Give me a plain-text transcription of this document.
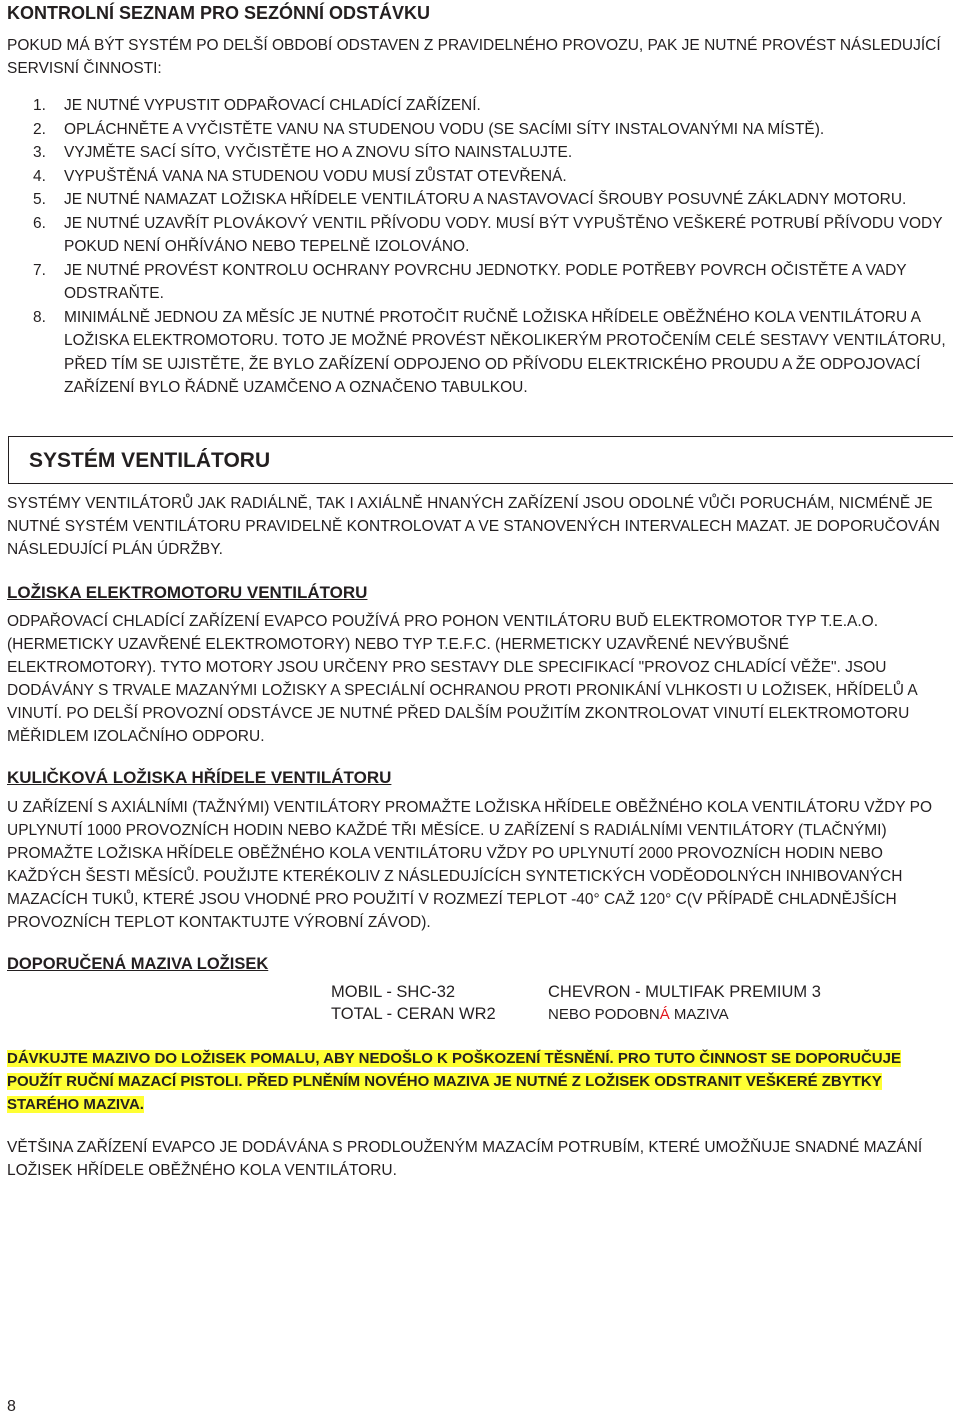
KONTROLNÍ SEZNAM PRO SEZÓNNÍ ODSTÁVKU

POKUD MÁ BÝT SYSTÉM PO DELŠÍ OBDOBÍ ODSTAVEN Z PRAVIDELNÉHO PROVOZU, PAK JE NUTNÉ PROVÉST NÁSLEDUJÍCÍ SERVISNÍ ČINNOSTI:

1.	JE NUTNÉ VYPUSTIT ODPAŘOVACÍ CHLADÍCÍ ZAŘÍZENÍ.
2.	OPLÁCHNĚTE A VYČISTĚTE VANU NA STUDENOU VODU (SE SACÍMI SÍTY INSTALOVANÝMI NA MÍSTĚ).
3.	VYJMĚTE SACÍ SÍTO, VYČISTĚTE HO A ZNOVU SÍTO NAINSTALUJTE.
4.	VYPUŠTĚNÁ VANA NA STUDENOU VODU MUSÍ ZŮSTAT OTEVŘENÁ.
5.	JE NUTNÉ NAMAZAT LOŽISKA HŘÍDELE VENTILÁTORU A NASTAVOVACÍ ŠROUBY POSUVNÉ ZÁKLADNY MOTORU.
6.	JE NUTNÉ UZAVŘÍT PLOVÁKOVÝ VENTIL PŘÍVODU VODY. MUSÍ BÝT VYPUŠTĚNO VEŠKERÉ POTRUBÍ PŘÍVODU VODY POKUD NENÍ OHŘÍVÁNO NEBO TEPELNĚ IZOLOVÁNO.
7.	JE NUTNÉ PROVÉST KONTROLU OCHRANY POVRCHU JEDNOTKY. PODLE POTŘEBY POVRCH OČISTĚTE A VADY ODSTRAŇTE.
8.	MINIMÁLNĚ JEDNOU ZA MĚSÍC JE NUTNÉ PROTOČIT RUČNĚ LOŽISKA HŘÍDELE OBĚŽNÉHO KOLA VENTILÁTORU A LOŽISKA ELEKTROMOTORU. TOTO JE MOŽNÉ PROVÉST NĚKOLIKERÝM PROTOČENÍM CELÉ SESTAVY VENTILÁTORU, PŘED TÍM SE UJISTĚTE, ŽE BYLO ZAŘÍZENÍ ODPOJENO OD PŘÍVODU ELEKTRICKÉHO PROUDU A ŽE ODPOJOVACÍ ZAŘÍZENÍ BYLO ŘÁDNĚ UZAMČENO A OZNAČENO TABULKOU.
SYSTÉM VENTILÁTORU

SYSTÉMY VENTILÁTORŮ JAK RADIÁLNĚ, TAK I AXIÁLNĚ HNANÝCH ZAŘÍZENÍ JSOU ODOLNÉ VŮČI PORUCHÁM, NICMÉNĚ JE NUTNÉ SYSTÉM VENTILÁTORU PRAVIDELNĚ KONTROLOVAT A VE STANOVENÝCH INTERVALECH MAZAT. JE DOPORUČOVÁN NÁSLEDUJÍCÍ PLÁN ÚDRŽBY.

LOŽISKA ELEKTROMOTORU VENTILÁTORU

ODPAŘOVACÍ CHLADÍCÍ ZAŘÍZENÍ EVAPCO POUŽÍVÁ PRO POHON VENTILÁTORU BUĎ ELEKTROMOTOR TYP T.E.A.O. (HERMETICKY UZAVŘENÉ ELEKTROMOTORY) NEBO TYP T.E.F.C. (HERMETICKY UZAVŘENÉ NEVÝBUŠNÉ ELEKTROMOTORY). TYTO MOTORY JSOU URČENY PRO SESTAVY DLE SPECIFIKACÍ "PROVOZ CHLADÍCÍ VĚŽE". JSOU DODÁVÁNY S TRVALE MAZANÝMI LOŽISKY A SPECIÁLNÍ OCHRANOU PROTI PRONIKÁNÍ VLHKOSTI U LOŽISEK, HŘÍDELŮ A VINUTÍ. PO DELŠÍ PROVOZNÍ ODSTÁVCE JE NUTNÉ PŘED DALŠÍM POUŽITÍM ZKONTROLOVAT VINUTÍ ELEKTROMOTORU MĚŘIDLEM IZOLAČNÍHO ODPORU.

KULIČKOVÁ LOŽISKA HŘÍDELE VENTILÁTORU

U ZAŘÍZENÍ S AXIÁLNÍMI (TAŽNÝMI) VENTILÁTORY PROMAŽTE LOŽISKA HŘÍDELE OBĚŽNÉHO KOLA VENTILÁTORU VŽDY PO UPLYNUTÍ 1000 PROVOZNÍCH HODIN NEBO KAŽDÉ TŘI MĚSÍCE. U ZAŘÍZENÍ S RADIÁLNÍMI VENTILÁTORY (TLAČNÝMI) PROMAŽTE LOŽISKA HŘÍDELE OBĚŽNÉHO KOLA VENTILÁTORU VŽDY PO UPLYNUTÍ 2000 PROVOZNÍCH HODIN NEBO KAŽDÝCH ŠESTI MĚSÍCŮ. POUŽIJTE KTERÉKOLIV Z NÁSLEDUJÍCÍCH SYNTETICKÝCH VODĚODOLNÝCH INHIBOVANÝCH MAZACÍCH TUKŮ, KTERÉ JSOU VHODNÉ PRO POUŽITÍ V ROZMEZÍ TEPLOT -40° CAŽ 120° C(V PŘÍPADĚ CHLADNĚJŠÍCH PROVOZNÍCH TEPLOT KONTAKTUJTE VÝROBNÍ ZÁVOD).

DOPORUČENÁ MAZIVA LOŽISEK
MOBIL - SHC-32	CHEVRON - MULTIFAK PREMIUM 3
TOTAL - CERAN WR2	NEBO PODOBNÁ MAZIVA
DÁVKUJTE MAZIVO DO LOŽISEK POMALU, ABY NEDOŠLO K POŠKOZENÍ TĚSNĚNÍ. PRO TUTO ČINNOST SE DOPORUČUJE
POUŽÍT RUČNÍ MAZACÍ PISTOLI. PŘED PLNĚNÍM NOVÉHO MAZIVA JE NUTNÉ Z LOŽISEK ODSTRANIT VEŠKERÉ ZBYTKY
STARÉHO MAZIVA.

VĚTŠINA ZAŘÍZENÍ EVAPCO JE DODÁVÁNA S PRODLOUŽENÝM MAZACÍM POTRUBÍM, KTERÉ UMOŽŇUJE SNADNÉ MAZÁNÍ LOŽISEK HŘÍDELE OBĚŽNÉHO KOLA VENTILÁTORU.

8
